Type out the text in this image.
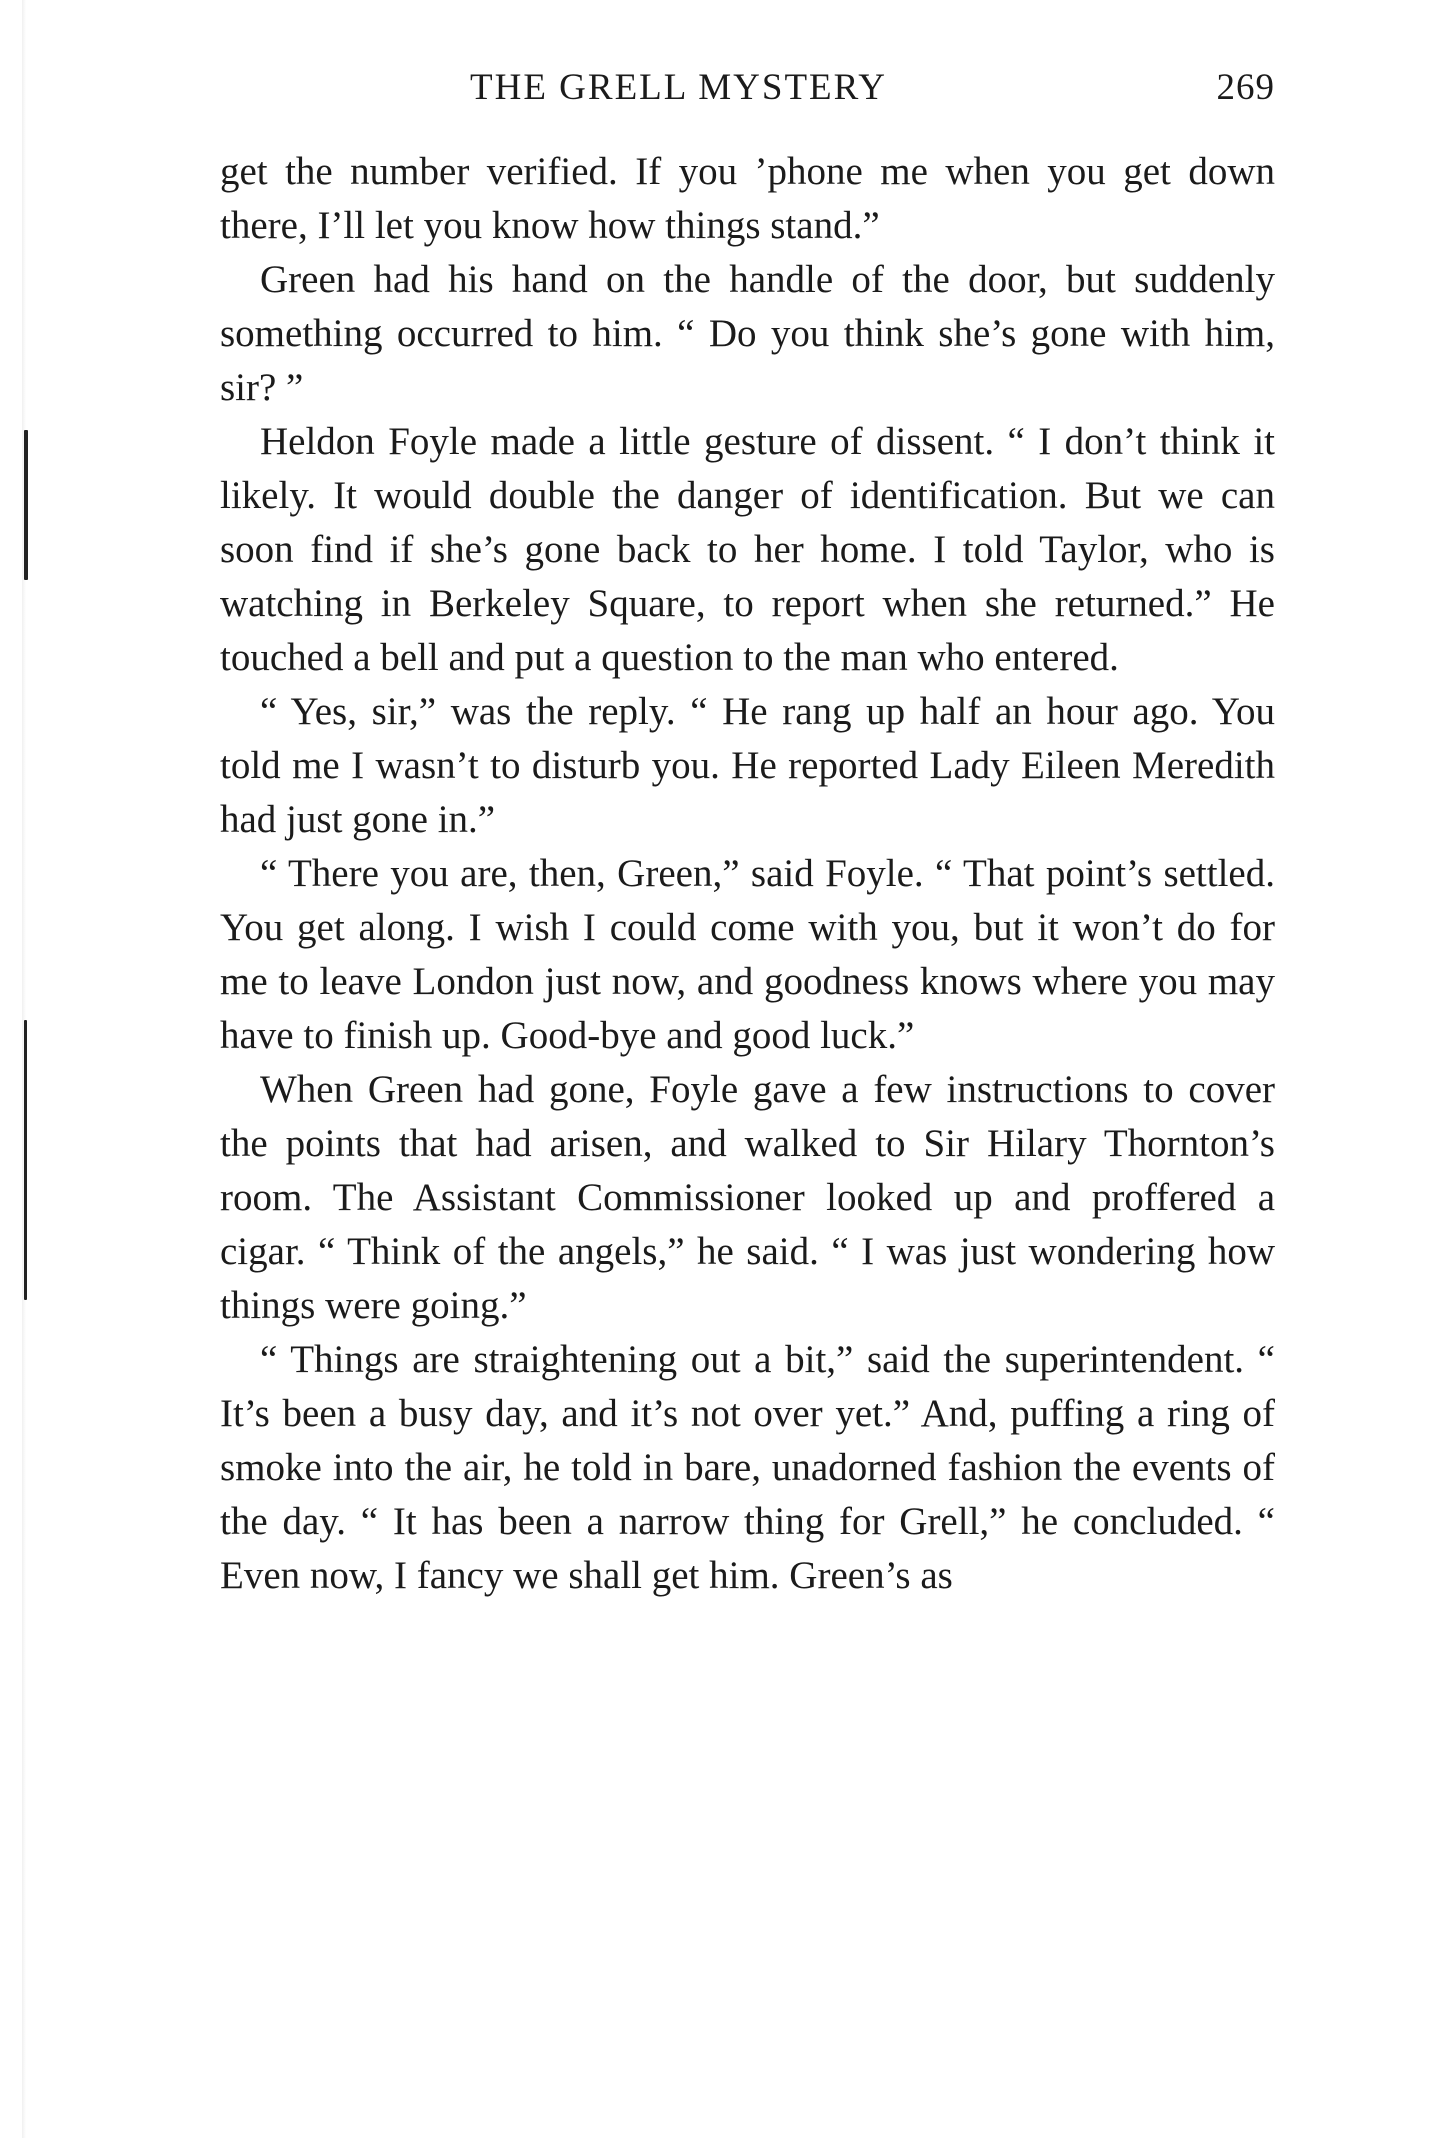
THE GRELL MYSTERY	269

get the number verified. If you ’phone me when you get down there, I’ll let you know how things stand.”

Green had his hand on the handle of the door, but suddenly something occurred to him. “ Do you think she’s gone with him, sir? ”

Heldon Foyle made a little gesture of dissent. “ I don’t think it likely. It would double the danger of identification. But we can soon find if she’s gone back to her home. I told Taylor, who is watching in Berkeley Square, to report when she returned.” He touched a bell and put a question to the man who entered.

“ Yes, sir,” was the reply. “ He rang up half an hour ago. You told me I wasn’t to disturb you. He reported Lady Eileen Meredith had just gone in.”

“ There you are, then, Green,” said Foyle. “ That point’s settled. You get along. I wish I could come with you, but it won’t do for me to leave London just now, and goodness knows where you may have to finish up. Good-bye and good luck.”

When Green had gone, Foyle gave a few instructions to cover the points that had arisen, and walked to Sir Hilary Thornton’s room. The Assistant Commissioner looked up and proffered a cigar. “ Think of the angels,” he said. “ I was just wondering how things were going.”

“ Things are straightening out a bit,” said the superintendent. “ It’s been a busy day, and it’s not over yet.” And, puffing a ring of smoke into the air, he told in bare, unadorned fashion the events of the day. “ It has been a narrow thing for Grell,” he concluded. “ Even now, I fancy we shall get him. Green’s as
